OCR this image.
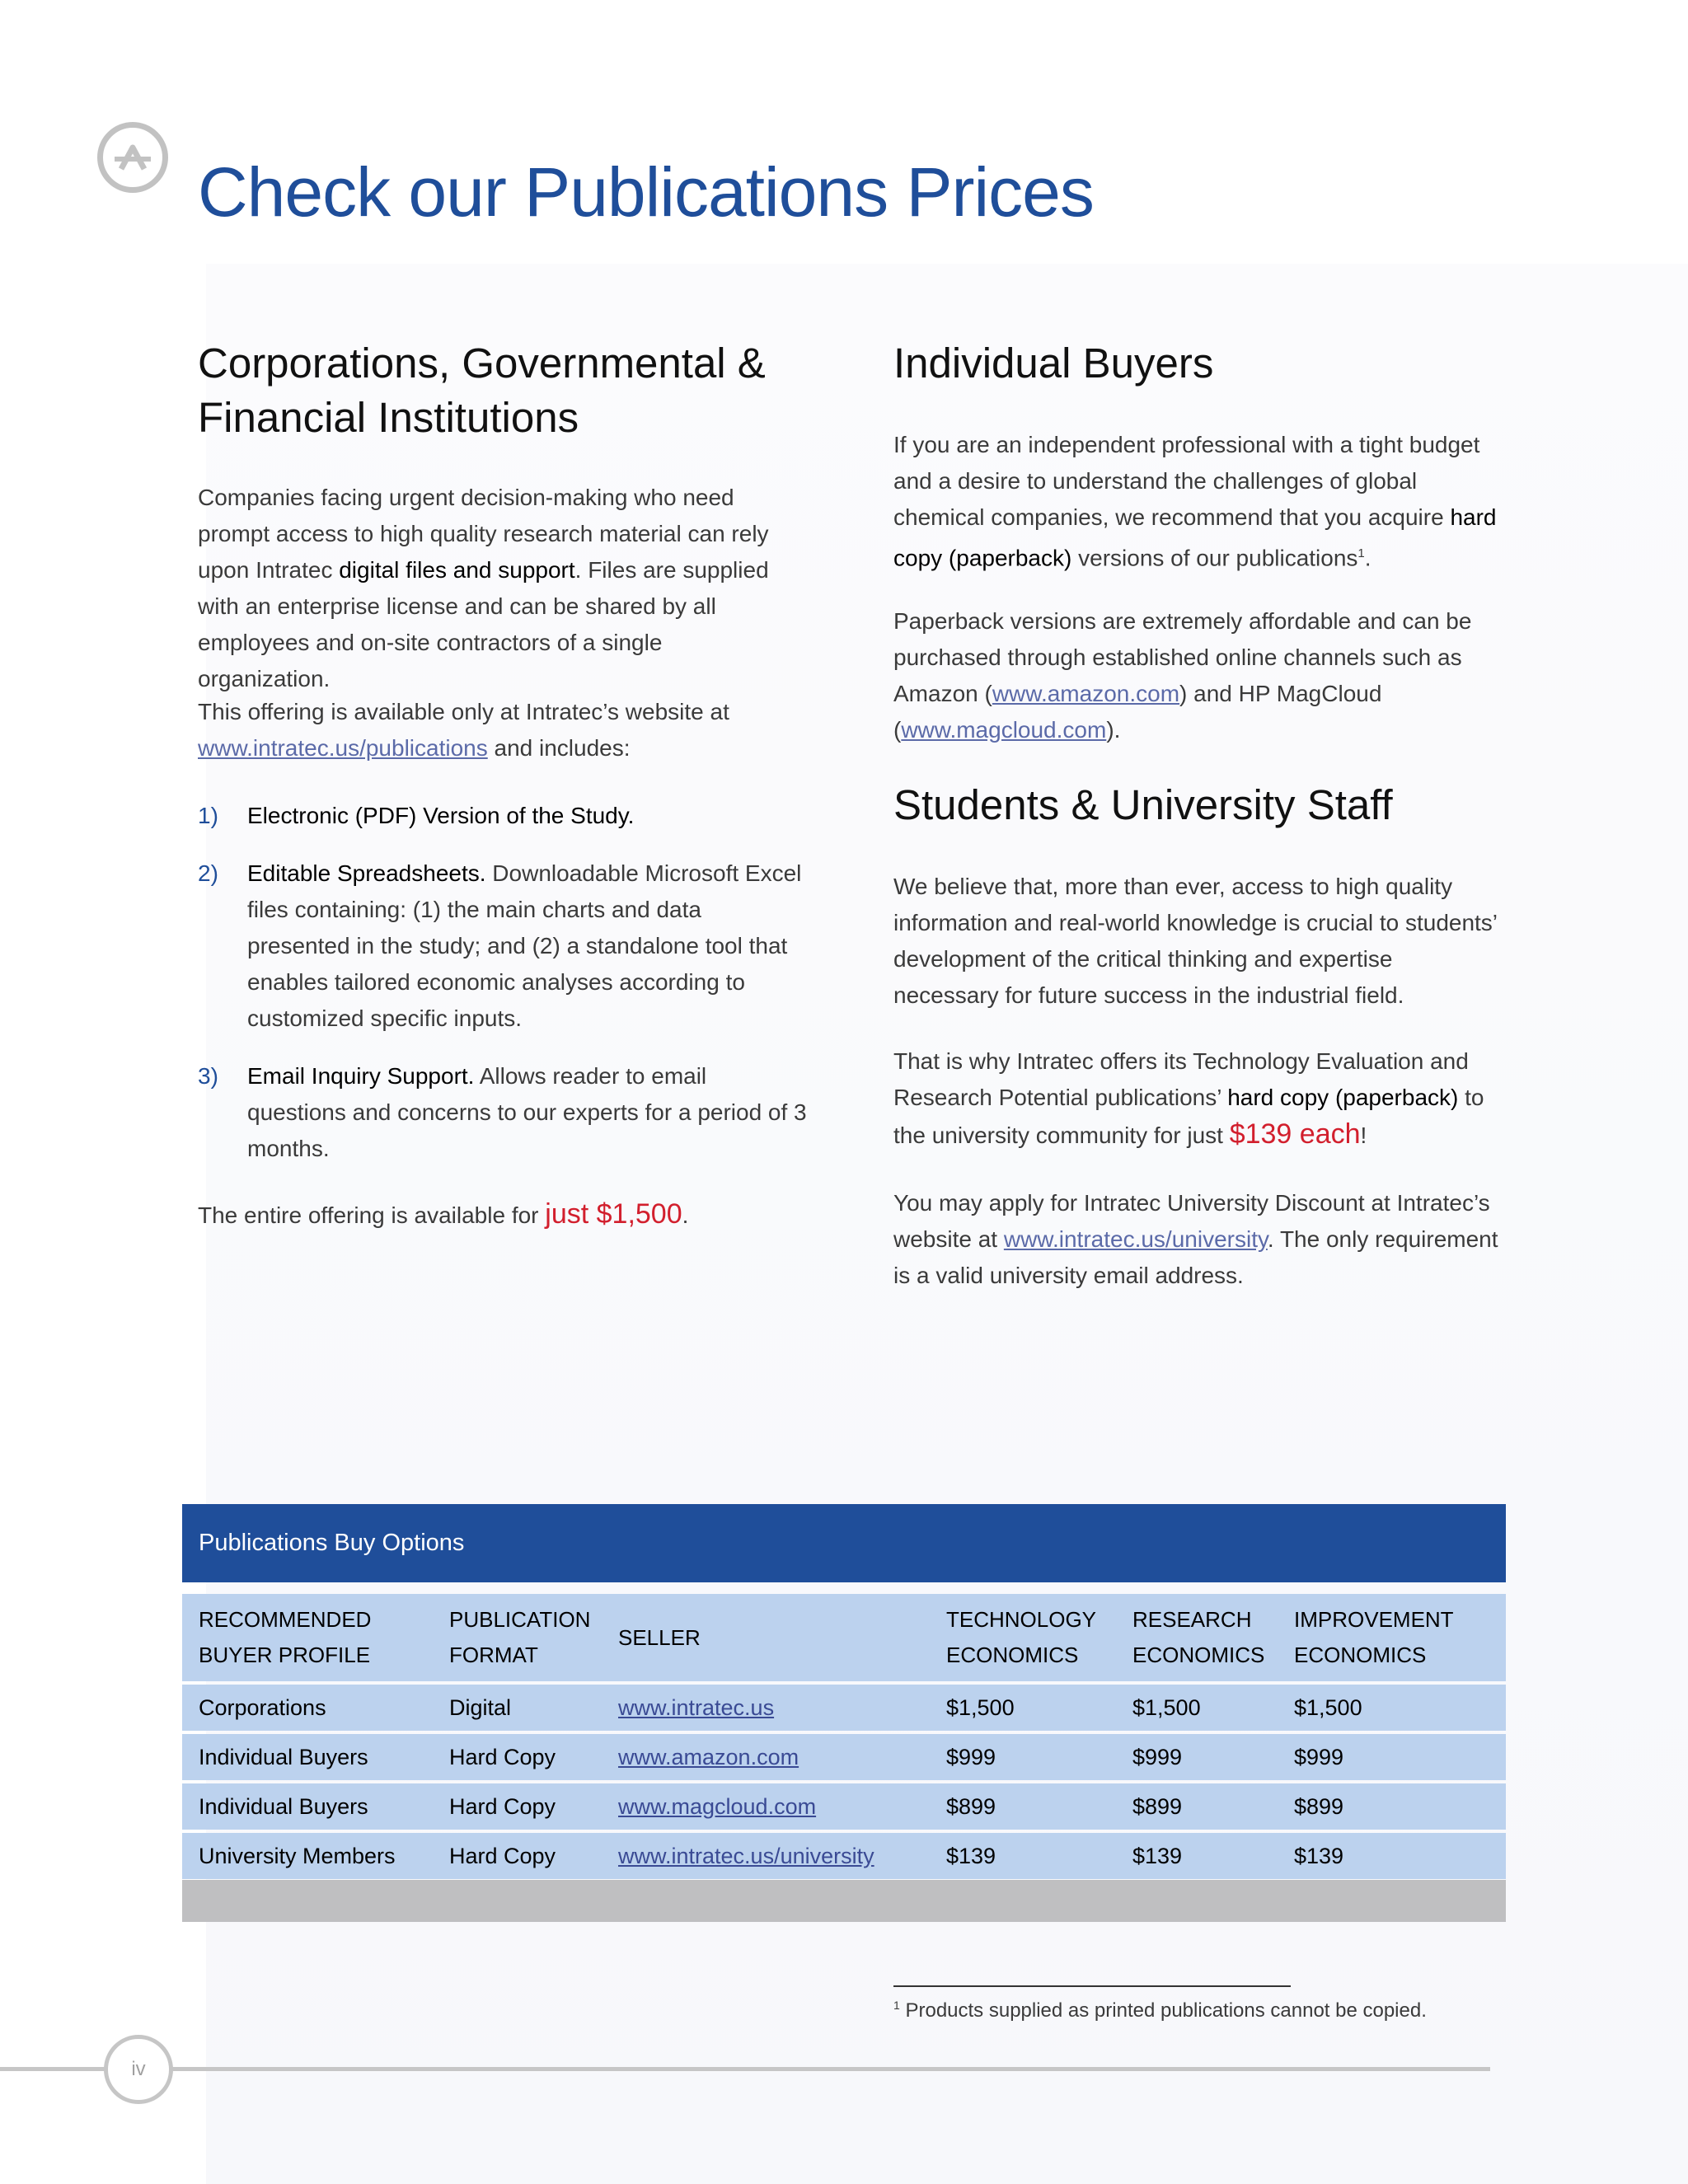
Check our Publications Prices
Corporations, Governmental &
Financial Institutions

Companies facing urgent decision-making who need prompt access to high quality research material can rely upon Intratec digital files and support. Files are supplied with an enterprise license and can be shared by all employees and on-site contractors of a single organization.

This offering is available only at Intratec’s website at www.intratec.us/publications and includes:

1) Electronic (PDF) Version of the Study.
2) Editable Spreadsheets. Downloadable Microsoft Excel files containing: (1) the main charts and data presented in the study; and (2) a standalone tool that enables tailored economic analyses according to customized specific inputs.
3) Email Inquiry Support. Allows reader to email questions and concerns to our experts for a period of 3 months.

The entire offering is available for just $1,500.

Individual Buyers

If you are an independent professional with a tight budget and a desire to understand the challenges of global chemical companies, we recommend that you acquire hard copy (paperback) versions of our publications$^1$.

Paperback versions are extremely affordable and can be purchased through established online channels such as Amazon (www.amazon.com) and HP MagCloud (www.magcloud.com).

Students & University Staff

We believe that, more than ever, access to high quality information and real-world knowledge is crucial to students’ development of the critical thinking and expertise necessary for future success in the industrial field.

That is why Intratec offers its Technology Evaluation and Research Potential publications’ hard copy (paperback) to the university community for just $139 each!

You may apply for Intratec University Discount at Intratec’s website at www.intratec.us/university. The only requirement is a valid university email address.

Publications Buy Options
RECOMMENDED BUYER PROFILE	PUBLICATION FORMAT	SELLER	TECHNOLOGY ECONOMICS	RESEARCH ECONOMICS	IMPROVEMENT ECONOMICS
Corporations	Digital	www.intratec.us	$1,500	$1,500	$1,500
Individual Buyers	Hard Copy	www.amazon.com	$999	$999	$999
Individual Buyers	Hard Copy	www.magcloud.com	$899	$899	$899
University Members	Hard Copy	www.intratec.us/university	$139	$139	$139
$^1$ Products supplied as printed publications cannot be copied.
iv
